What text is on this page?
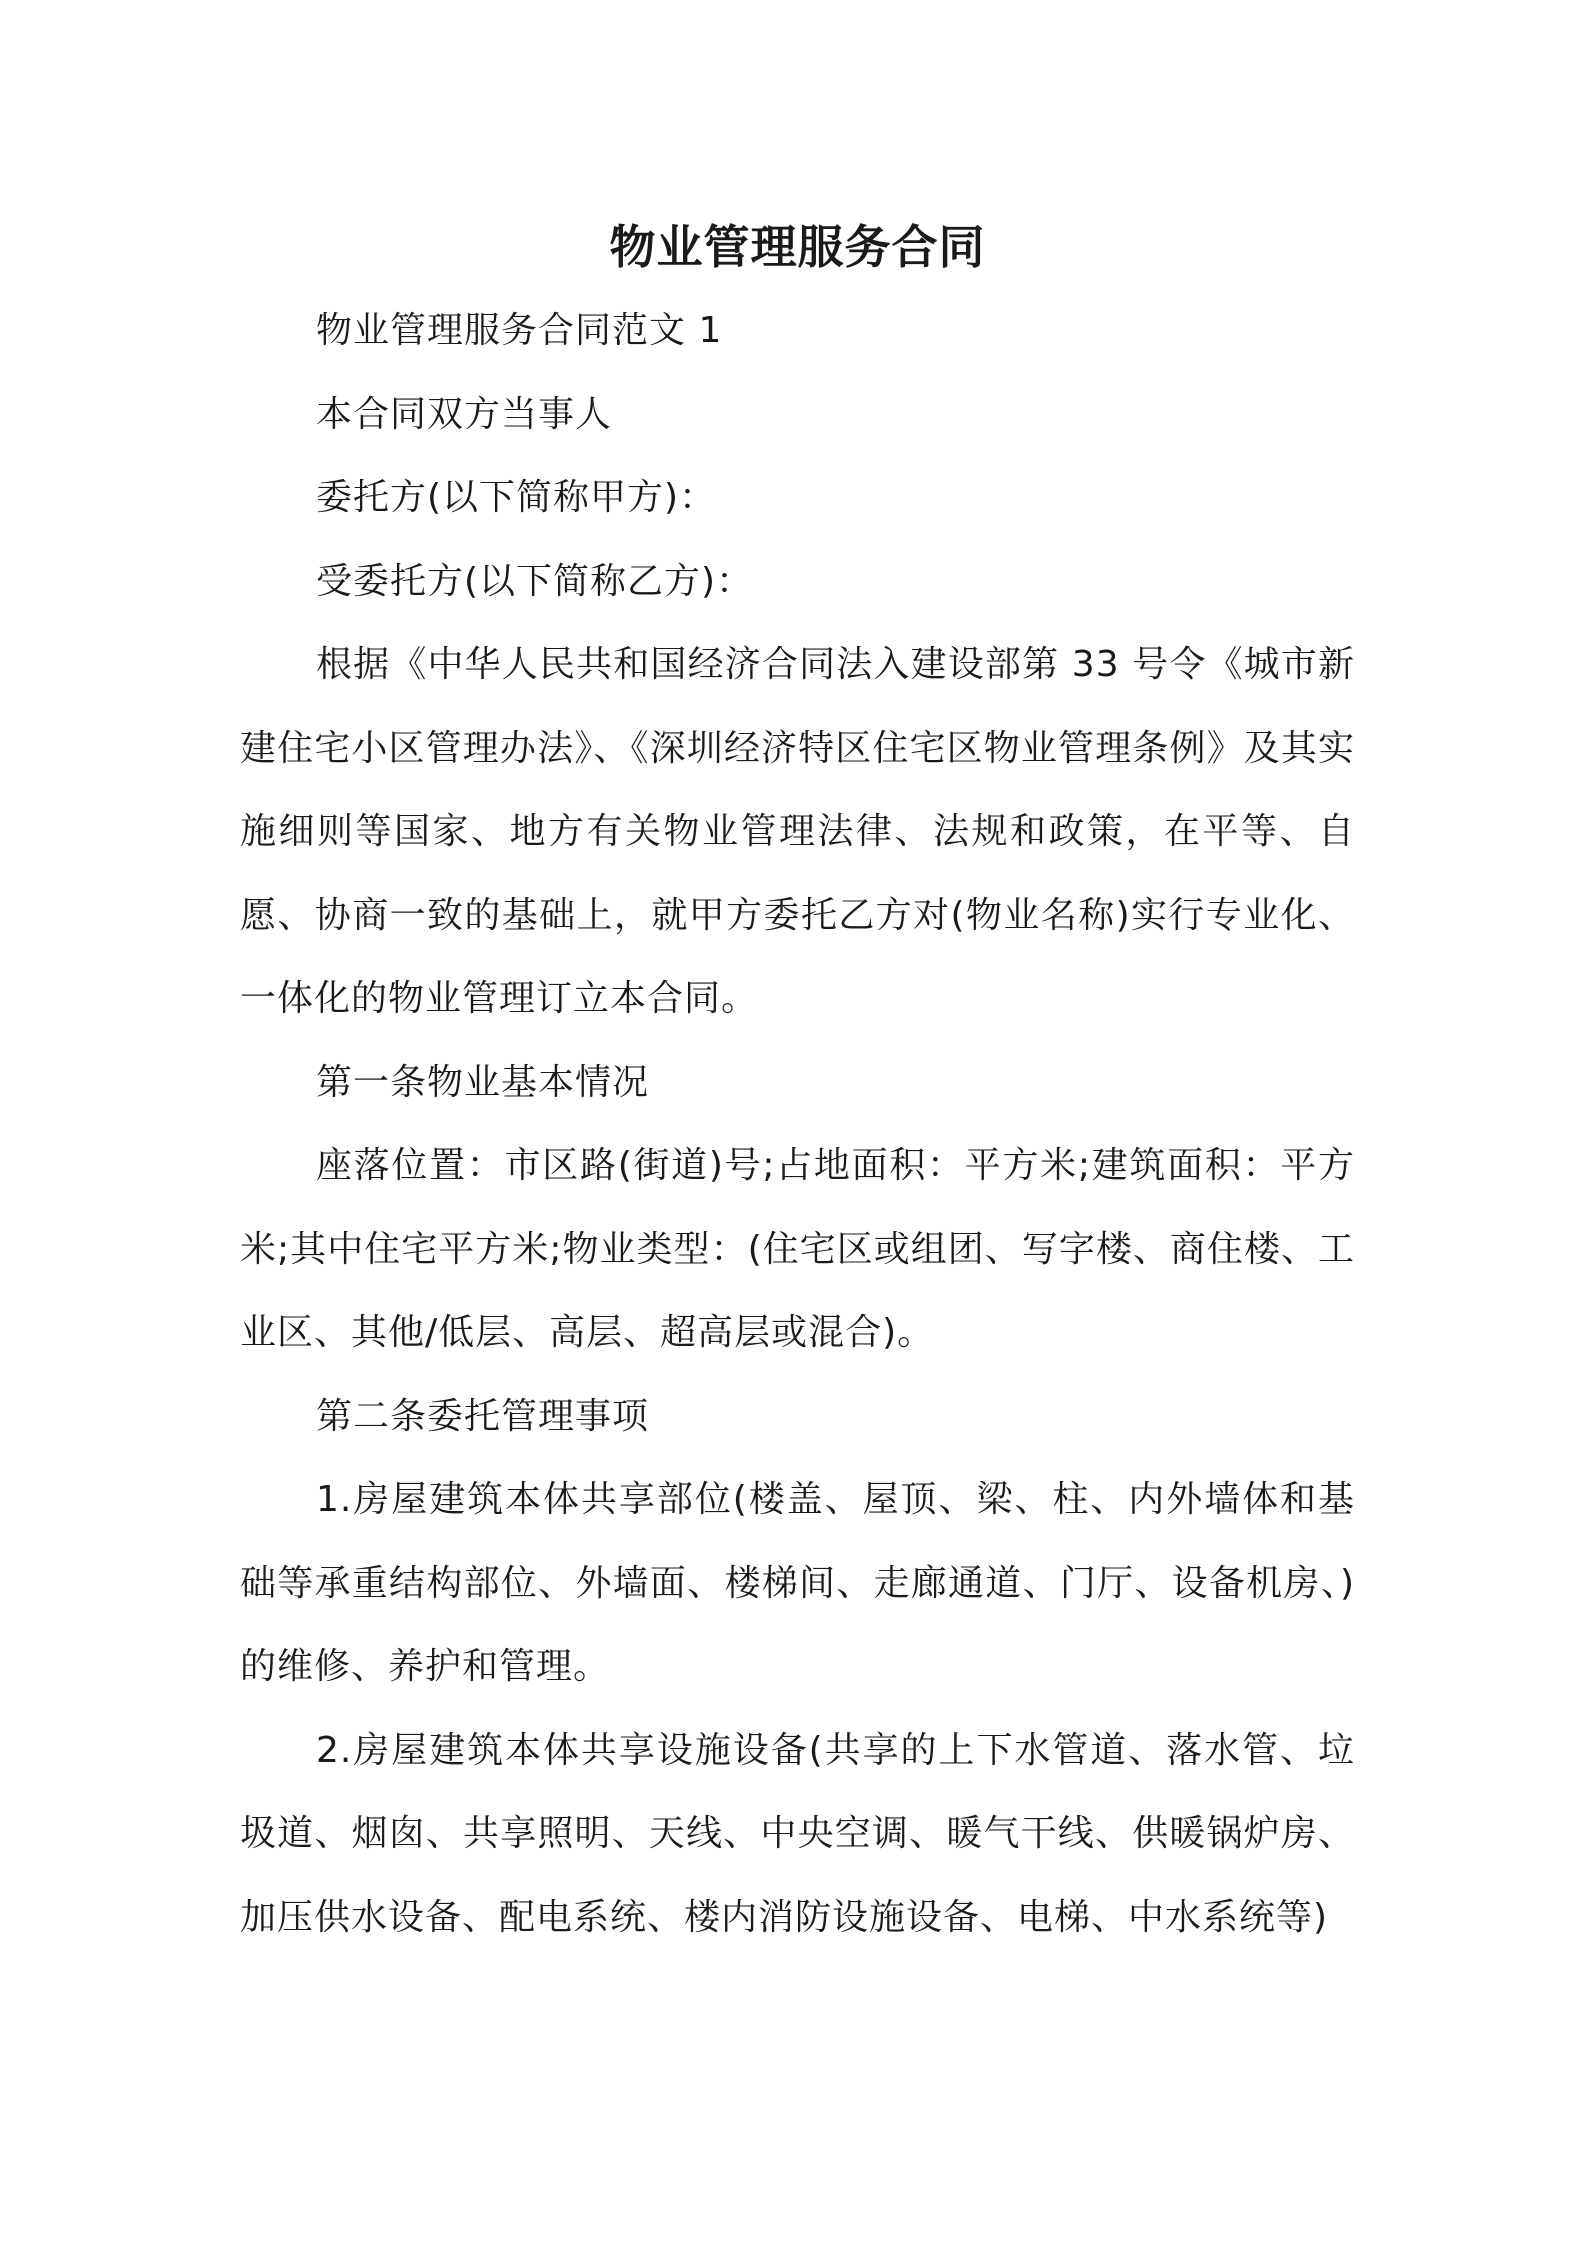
物业管理服务合同

物业管理服务合同范文 1

本合同双方当事人

委托方(以下简称甲方)：

受委托方(以下简称乙方)：

根据《中华人民共和国经济合同法入建设部第 33 号令《城市新建住宅小区管理办法》、《深圳经济特区住宅区物业管理条例》及其实施细则等国家、地方有关物业管理法律、法规和政策，在平等、自愿、协商一致的基础上，就甲方委托乙方对(物业名称)实行专业化、一体化的物业管理订立本合同。

第一条物业基本情况

座落位置：市区路(街道)号;占地面积：平方米;建筑面积：平方米;其中住宅平方米;物业类型：(住宅区或组团、写字楼、商住楼、工业区、其他/低层、高层、超高层或混合)。

第二条委托管理事项

1.房屋建筑本体共享部位(楼盖、屋顶、梁、柱、内外墙体和基础等承重结构部位、外墙面、楼梯间、走廊通道、门厅、设备机房、)的维修、养护和管理。

2.房屋建筑本体共享设施设备(共享的上下水管道、落水管、垃圾道、烟囱、共享照明、天线、中央空调、暖气干线、供暖锅炉房、加压供水设备、配电系统、楼内消防设施设备、电梯、中水系统等)
